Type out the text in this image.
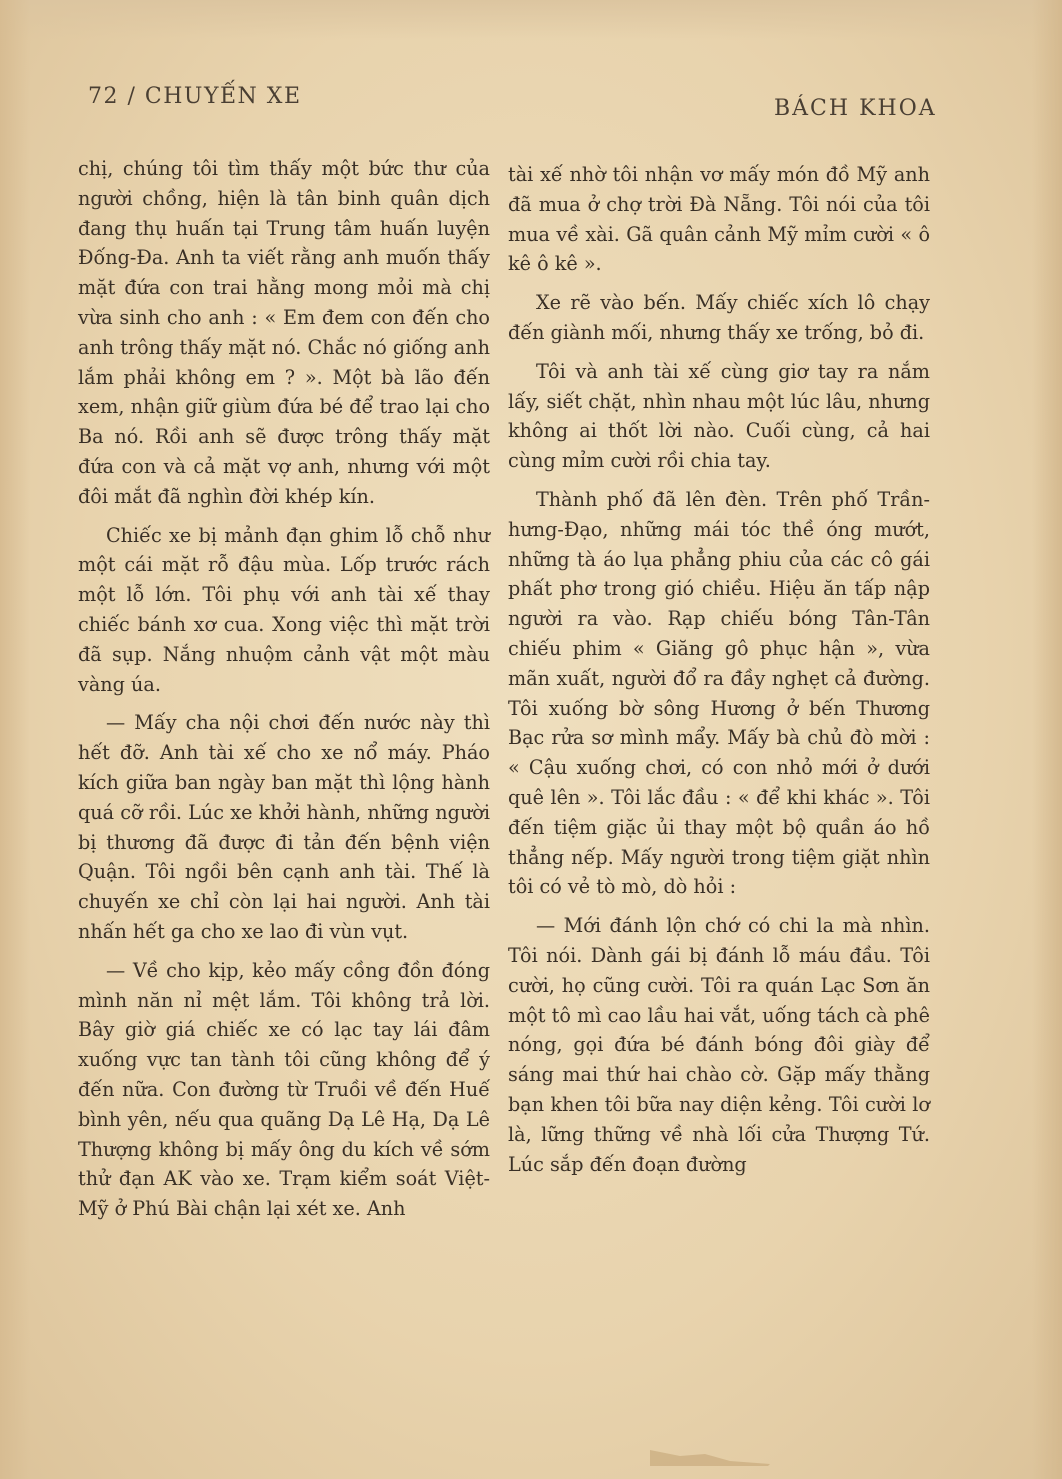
72 / CHUYẾN XE	BÁCH KHOA

chị, chúng tôi tìm thấy một bức thư của người chồng, hiện là tân binh quân dịch đang thụ huấn tại Trung tâm huấn luyện Đống-Đa. Anh ta viết rằng anh muốn thấy mặt đứa con trai hằng mong mỏi mà chị vừa sinh cho anh : « Em đem con đến cho anh trông thấy mặt nó. Chắc nó giống anh lắm phải không em ? ». Một bà lão đến xem, nhận giữ giùm đứa bé để trao lại cho Ba nó. Rồi anh sẽ được trông thấy mặt đứa con và cả mặt vợ anh, nhưng với một đôi mắt đã nghìn đời khép kín.

Chiếc xe bị mảnh đạn ghim lỗ chỗ như một cái mặt rỗ đậu mùa. Lốp trước rách một lỗ lớn. Tôi phụ với anh tài xế thay chiếc bánh xơ cua. Xong việc thì mặt trời đã sụp. Nắng nhuộm cảnh vật một màu vàng úa.

— Mấy cha nội chơi đến nước này thì hết đỡ. Anh tài xế cho xe nổ máy. Pháo kích giữa ban ngày ban mặt thì lộng hành quá cỡ rồi. Lúc xe khởi hành, những người bị thương đã được đi tản đến bệnh viện Quận. Tôi ngồi bên cạnh anh tài. Thế là chuyến xe chỉ còn lại hai người. Anh tài nhấn hết ga cho xe lao đi vùn vụt.

— Về cho kịp, kẻo mấy cồng đồn đóng mình năn nỉ mệt lắm. Tôi không trả lời. Bây giờ giá chiếc xe có lạc tay lái đâm xuống vực tan tành tôi cũng không để ý đến nữa. Con đường từ Truồi về đến Huế bình yên, nếu qua quãng Dạ Lê Hạ, Dạ Lê Thượng không bị mấy ông du kích về sớm thử đạn AK vào xe. Trạm kiểm soát Việt-Mỹ ở Phú Bài chận lại xét xe. Anh

tài xế nhờ tôi nhận vơ mấy món đồ Mỹ anh đã mua ở chợ trời Đà Nẵng. Tôi nói của tôi mua về xài. Gã quân cảnh Mỹ mỉm cười « ô kê ô kê ».

Xe rẽ vào bến. Mấy chiếc xích lô chạy đến giành mối, nhưng thấy xe trống, bỏ đi.

Tôi và anh tài xế cùng giơ tay ra nắm lấy, siết chặt, nhìn nhau một lúc lâu, nhưng không ai thốt lời nào. Cuối cùng, cả hai cùng mỉm cười rồi chia tay.

Thành phố đã lên đèn. Trên phố Trần-hưng-Đạo, những mái tóc thề óng mướt, những tà áo lụa phẳng phiu của các cô gái phất phơ trong gió chiều. Hiệu ăn tấp nập người ra vào. Rạp chiếu bóng Tân-Tân chiếu phim « Giăng gô phục hận », vừa mãn xuất, người đổ ra đầy nghẹt cả đường. Tôi xuống bờ sông Hương ở bến Thương Bạc rửa sơ mình mẩy. Mấy bà chủ đò mời : « Cậu xuống chơi, có con nhỏ mới ở dưới quê lên ». Tôi lắc đầu : « để khi khác ». Tôi đến tiệm giặc ủi thay một bộ quần áo hồ thẳng nếp. Mấy người trong tiệm giặt nhìn tôi có vẻ tò mò, dò hỏi :

— Mới đánh lộn chớ có chi la mà nhìn. Tôi nói. Dành gái bị đánh lỗ máu đầu. Tôi cười, họ cũng cười. Tôi ra quán Lạc Sơn ăn một tô mì cao lầu hai vắt, uống tách cà phê nóng, gọi đứa bé đánh bóng đôi giày để sáng mai thứ hai chào cờ. Gặp mấy thằng bạn khen tôi bữa nay diện kẻng. Tôi cười lơ là, lững thững về nhà lối cửa Thượng Tứ. Lúc sắp đến đoạn đường
